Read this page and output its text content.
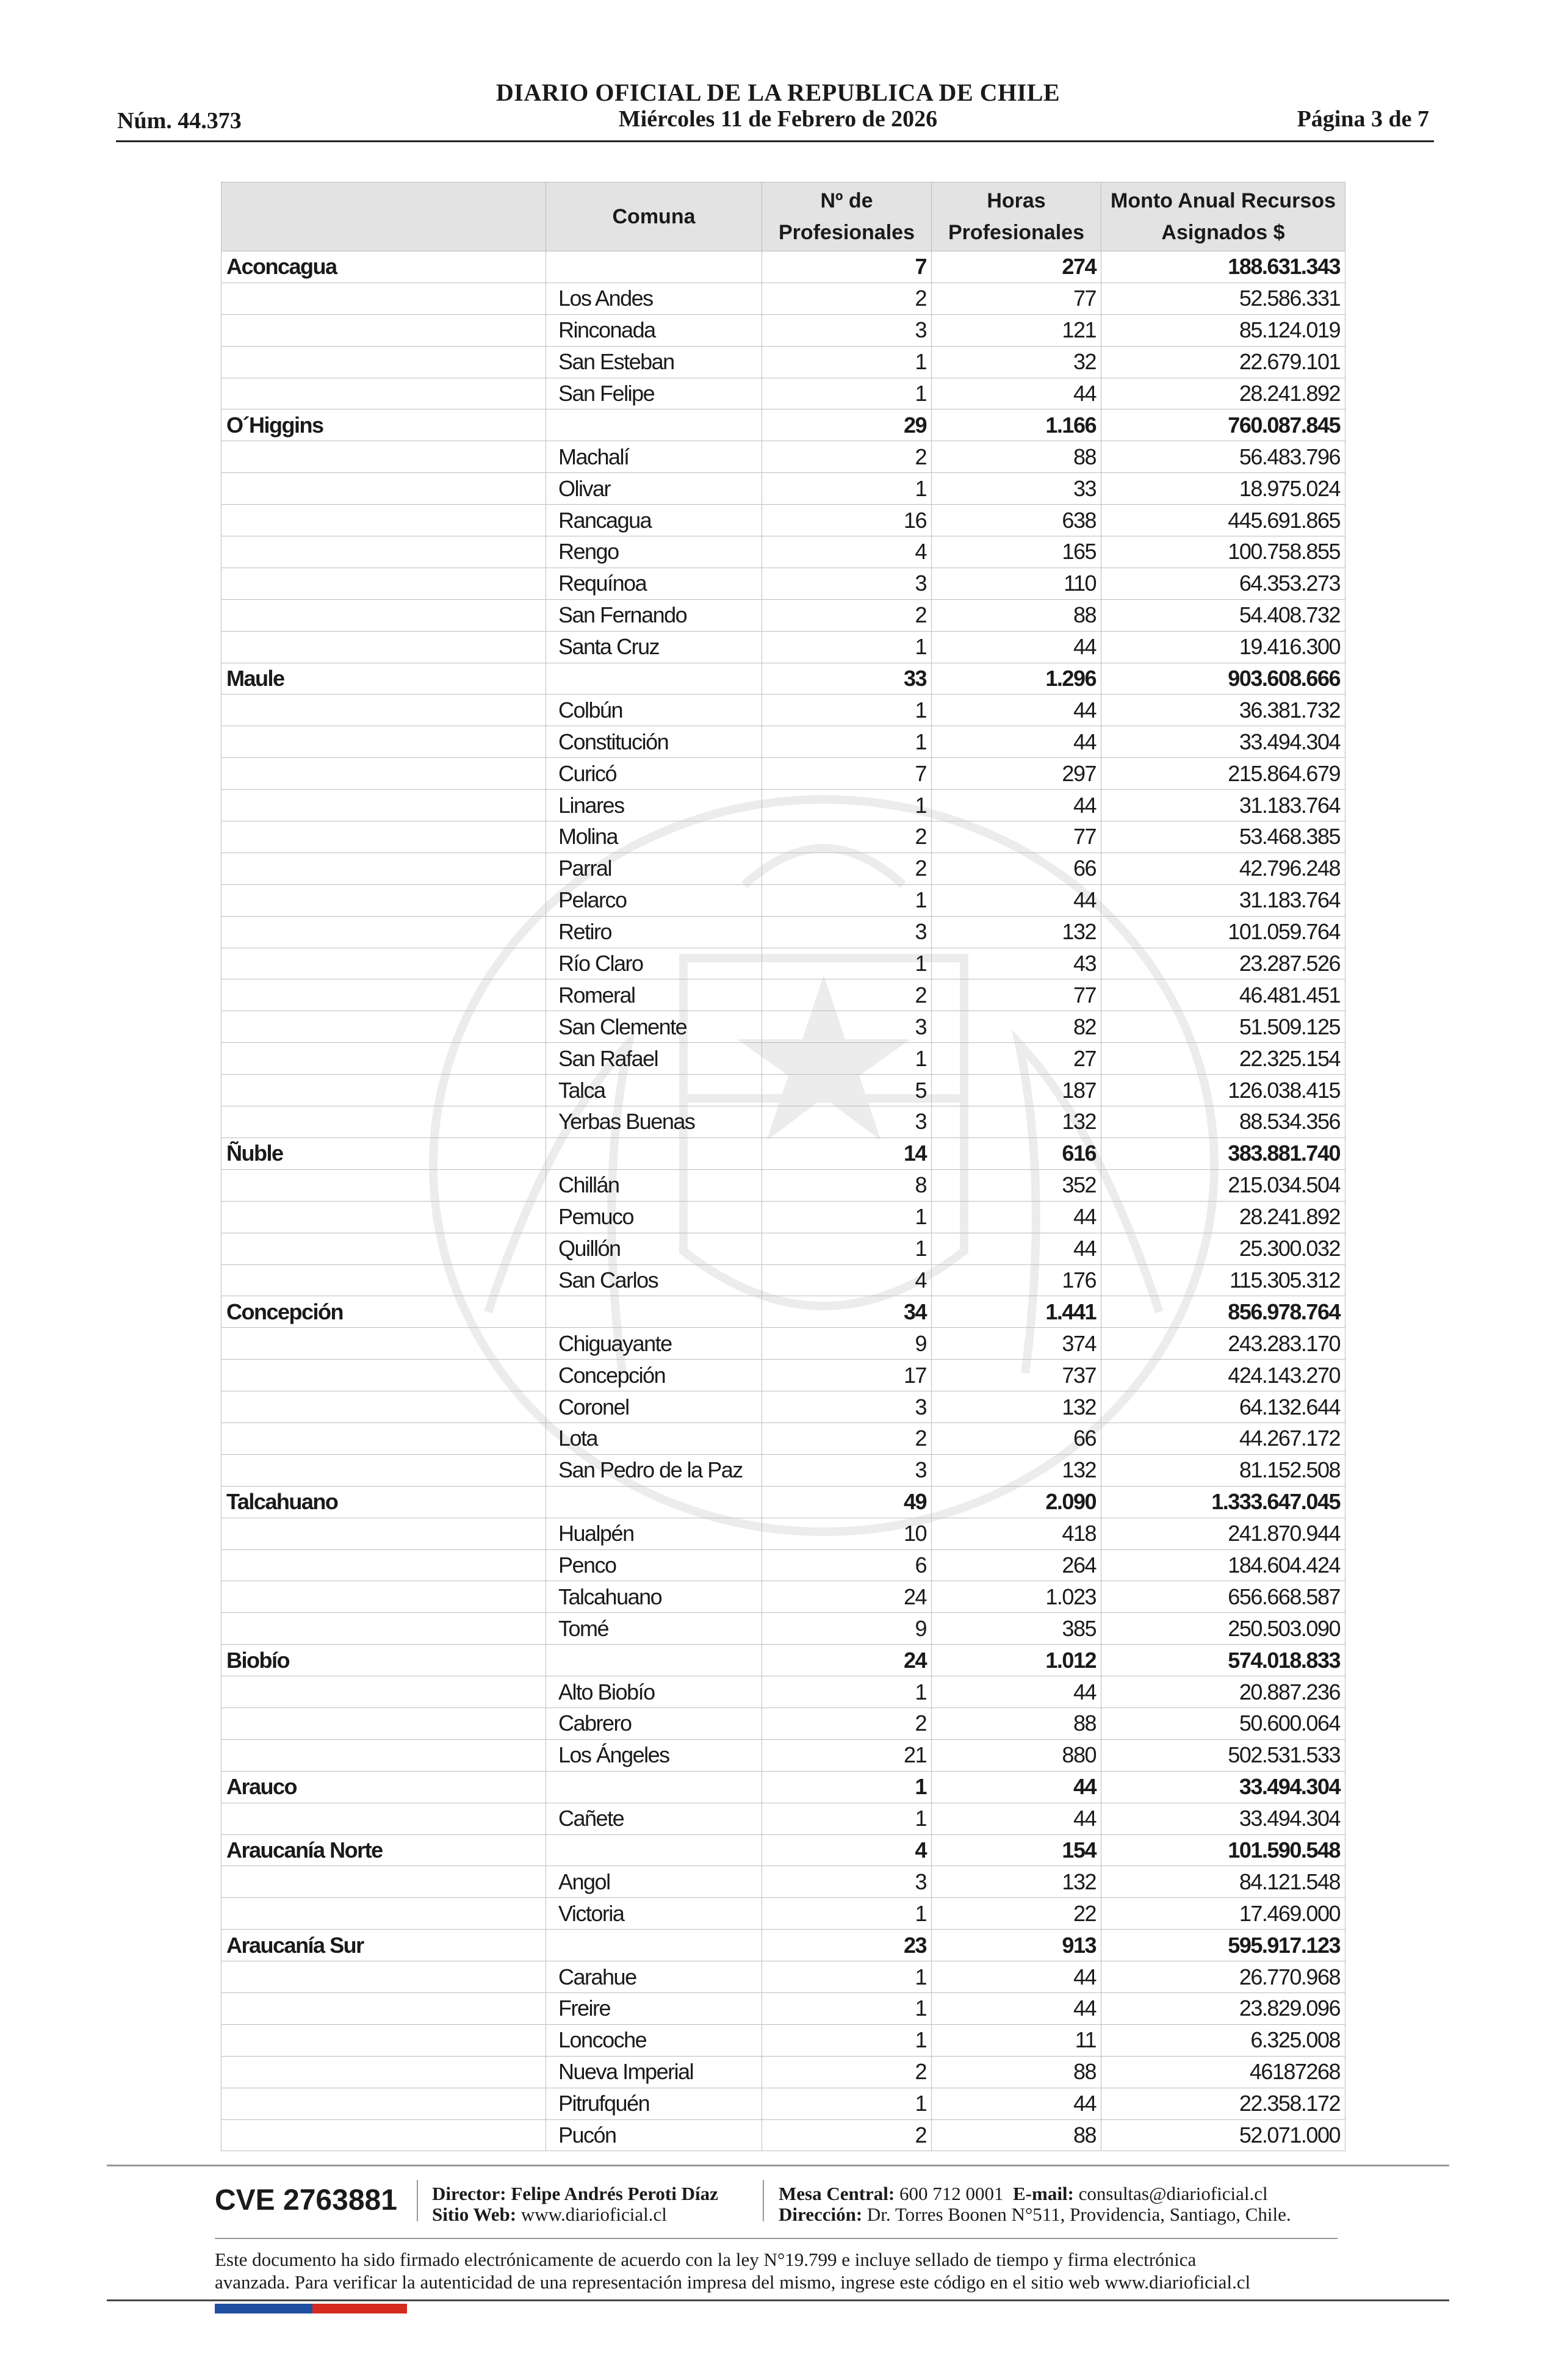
DIARIO OFICIAL DE LA REPUBLICA DE CHILE
Núm. 44.373	Miércoles 11 de Febrero de 2026	Página 3 de 7
	Comuna	Nº de Profesionales	Horas Profesionales	Monto Anual Recursos Asignados $
Aconcagua		7	274	188.631.343
	Los Andes	2	77	52.586.331
	Rinconada	3	121	85.124.019
	San Esteban	1	32	22.679.101
	San Felipe	1	44	28.241.892
O´Higgins		29	1.166	760.087.845
	Machalí	2	88	56.483.796
	Olivar	1	33	18.975.024
	Rancagua	16	638	445.691.865
	Rengo	4	165	100.758.855
	Requínoa	3	110	64.353.273
	San Fernando	2	88	54.408.732
	Santa Cruz	1	44	19.416.300
Maule		33	1.296	903.608.666
	Colbún	1	44	36.381.732
	Constitución	1	44	33.494.304
	Curicó	7	297	215.864.679
	Linares	1	44	31.183.764
	Molina	2	77	53.468.385
	Parral	2	66	42.796.248
	Pelarco	1	44	31.183.764
	Retiro	3	132	101.059.764
	Río Claro	1	43	23.287.526
	Romeral	2	77	46.481.451
	San Clemente	3	82	51.509.125
	San Rafael	1	27	22.325.154
	Talca	5	187	126.038.415
	Yerbas Buenas	3	132	88.534.356
Ñuble		14	616	383.881.740
	Chillán	8	352	215.034.504
	Pemuco	1	44	28.241.892
	Quillón	1	44	25.300.032
	San Carlos	4	176	115.305.312
Concepción		34	1.441	856.978.764
	Chiguayante	9	374	243.283.170
	Concepción	17	737	424.143.270
	Coronel	3	132	64.132.644
	Lota	2	66	44.267.172
	San Pedro de la Paz	3	132	81.152.508
Talcahuano		49	2.090	1.333.647.045
	Hualpén	10	418	241.870.944
	Penco	6	264	184.604.424
	Talcahuano	24	1.023	656.668.587
	Tomé	9	385	250.503.090
Biobío		24	1.012	574.018.833
	Alto Biobío	1	44	20.887.236
	Cabrero	2	88	50.600.064
	Los Ángeles	21	880	502.531.533
Arauco		1	44	33.494.304
	Cañete	1	44	33.494.304
Araucanía Norte		4	154	101.590.548
	Angol	3	132	84.121.548
	Victoria	1	22	17.469.000
Araucanía Sur		23	913	595.917.123
	Carahue	1	44	26.770.968
	Freire	1	44	23.829.096
	Loncoche	1	11	6.325.008
	Nueva Imperial	2	88	46187268
	Pitrufquén	1	44	22.358.172
	Pucón	2	88	52.071.000
CVE 2763881 Director: Felipe Andrés Peroti Díaz
Sitio Web: www.diarioficial.cl
Mesa Central: 600 712 0001 E-mail: consultas@diarioficial.cl
Dirección: Dr. Torres Boonen N°511, Providencia, Santiago, Chile.
Este documento ha sido firmado electrónicamente de acuerdo con la ley N°19.799 e incluye sellado de tiempo y firma electrónica
avanzada. Para verificar la autenticidad de una representación impresa del mismo, ingrese este código en el sitio web www.diarioficial.cl
